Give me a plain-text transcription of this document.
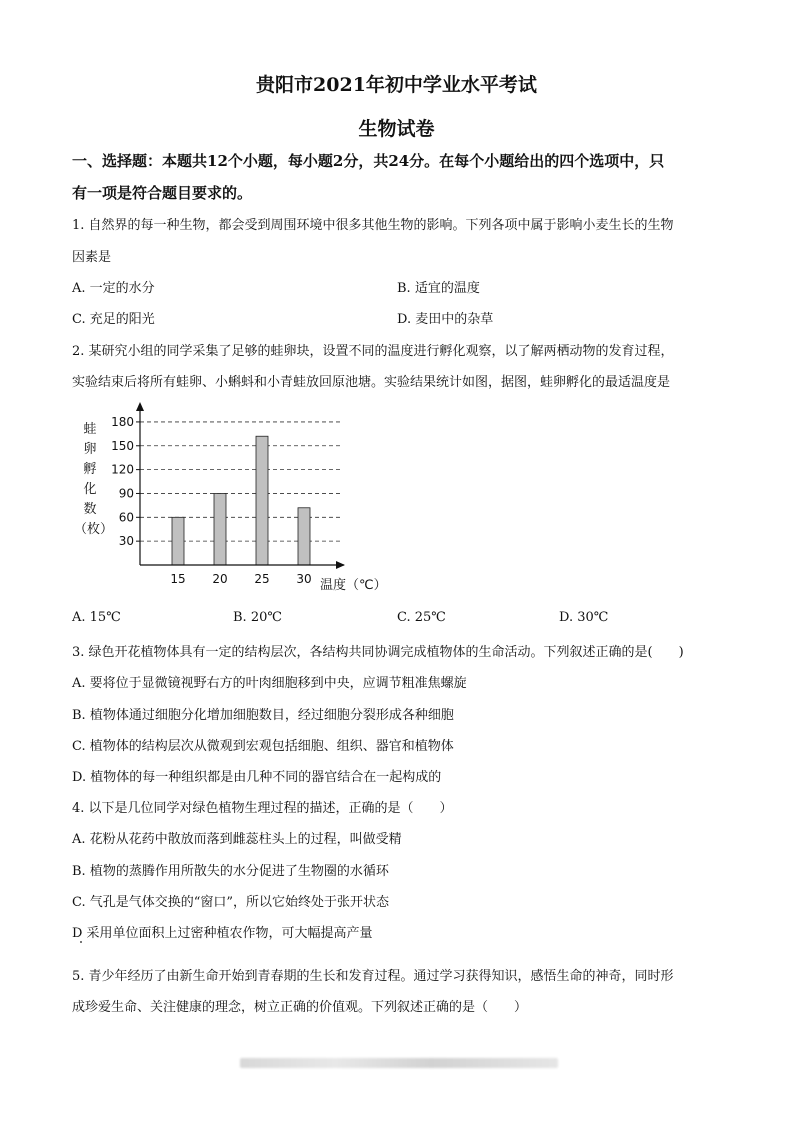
贵阳市2021年初中学业水平考试
生物试卷
一、选择题：本题共12个小题，每小题2分，共24分。在每个小题给出的四个选项中，只
有一项是符合题目要求的。
1. 自然界的每一种生物，都会受到周围环境中很多其他生物的影响。下列各项中属于影响小麦生长的生物
因素是
A. 一定的水分	B. 适宜的温度
C. 充足的阳光	D. 麦田中的杂草
2. 某研究小组的同学采集了足够的蛙卵块，设置不同的温度进行孵化观察，以了解两栖动物的发育过程，
实验结束后将所有蛙卵、小蝌蚪和小青蛙放回原池塘。实验结果统计如图，据图，蛙卵孵化的最适温度是
蛙
卵
孵
化
数
（枚）
30
60
90
120
150
180
15 20 25 30 温度（℃）
A. 15℃	B. 20℃	C. 25℃	D. 30℃
3. 绿色开花植物体具有一定的结构层次，各结构共同协调完成植物体的生命活动。下列叙述正确的是(　　)
A. 要将位于显微镜视野右方的叶肉细胞移到中央，应调节粗准焦螺旋
B. 植物体通过细胞分化增加细胞数目，经过细胞分裂形成各种细胞
C. 植物体的结构层次从微观到宏观包括细胞、组织、器官和植物体
D. 植物体的每一种组织都是由几种不同的器官结合在一起构成的
4. 以下是几位同学对绿色植物生理过程的描述，正确的是（　　）
A. 花粉从花药中散放而落到雌蕊柱头上的过程，叫做受精
B. 植物的蒸腾作用所散失的水分促进了生物圈的水循环
C. 气孔是气体交换的“窗口”，所以它始终处于张开状态
D 采用单位面积上过密种植农作物，可大幅提高产量
5. 青少年经历了由新生命开始到青春期的生长和发育过程。通过学习获得知识，感悟生命的神奇，同时形
成珍爱生命、关注健康的理念，树立正确的价值观。下列叙述正确的是（　　）
